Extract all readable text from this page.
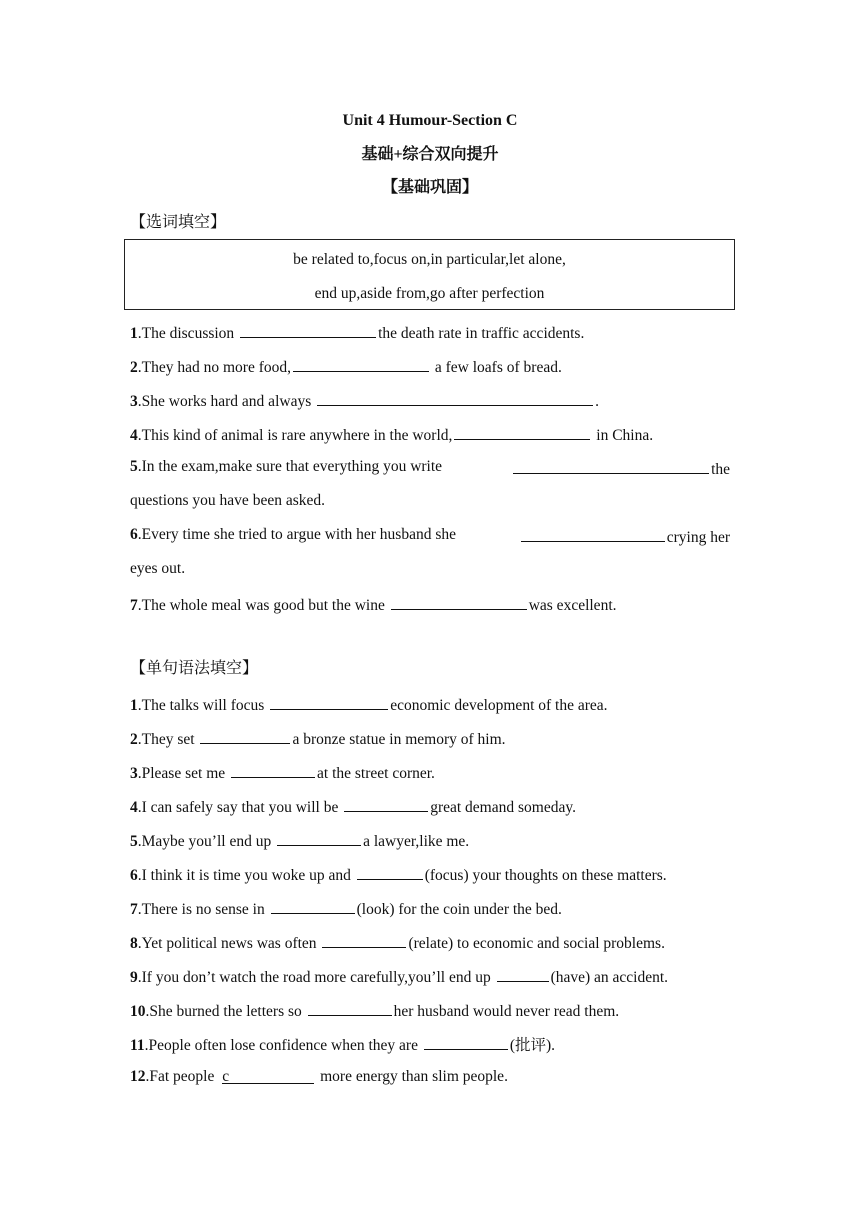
Unit 4 Humour-Section C
基础+综合双向提升
【基础巩固】
【选词填空】
be related to,focus on,in particular,let alone,
end up,aside from,go after perfection
1.The discussion	the death rate in traffic accidents.
2.They had no more food,	a few loafs of bread.
3.She works hard and always	.
4.This kind of animal is rare anywhere in the world,	in China.
5.In the exam,make sure that everything you write	the
questions you have been asked.
6.Every time she tried to argue with her husband she	crying her
eyes out.
7.The whole meal was good but the wine	was excellent.
【单句语法填空】
1.The talks will focus	economic development of the area.
2.They set	a bronze statue in memory of him.
3.Please set me	at the street corner.
4.I can safely say that you will be	great demand someday.
5.Maybe you’ll end up	a lawyer,like me.
6.I think it is time you woke up and	(focus) your thoughts on these matters.
7.There is no sense in	(look) for the coin under the bed.
8.Yet political news was often	(relate) to economic and social problems.
9.If you don’t watch the road more carefully,you’ll end up	(have) an accident.
10.She burned the letters so	her husband would never read them.
11.People often lose confidence when they are	(批评).
12.Fat people c	more energy than slim people.
